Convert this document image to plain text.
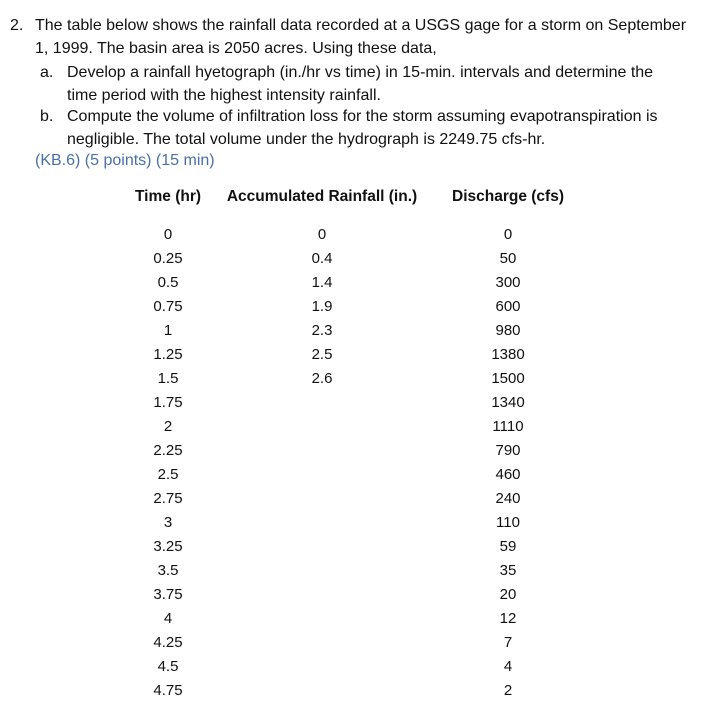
2. The table below shows the rainfall data recorded at a USGS gage for a storm on September
1, 1999. The basin area is 2050 acres. Using these data,
a. Develop a rainfall hyetograph (in./hr vs time) in 15-min. intervals and determine the
time period with the highest intensity rainfall.
b. Compute the volume of infiltration loss for the storm assuming evapotranspiration is
negligible. The total volume under the hydrograph is 2249.75 cfs-hr.
(KB.6) (5 points) (15 min)
Time (hr)	Accumulated Rainfall (in.)	Discharge (cfs)
0
0.25
0.5
0.75
1
1.25
1.5
1.75
2
2.25
2.5
2.75
3
3.25
3.5
3.75
4
4.25
4.5
4.75
0
0.4
1.4
1.9
2.3
2.5
2.6
0
50
300
600
980
1380
1500
1340
1110
790
460
240
110
59
35
20
12
7
4
2
